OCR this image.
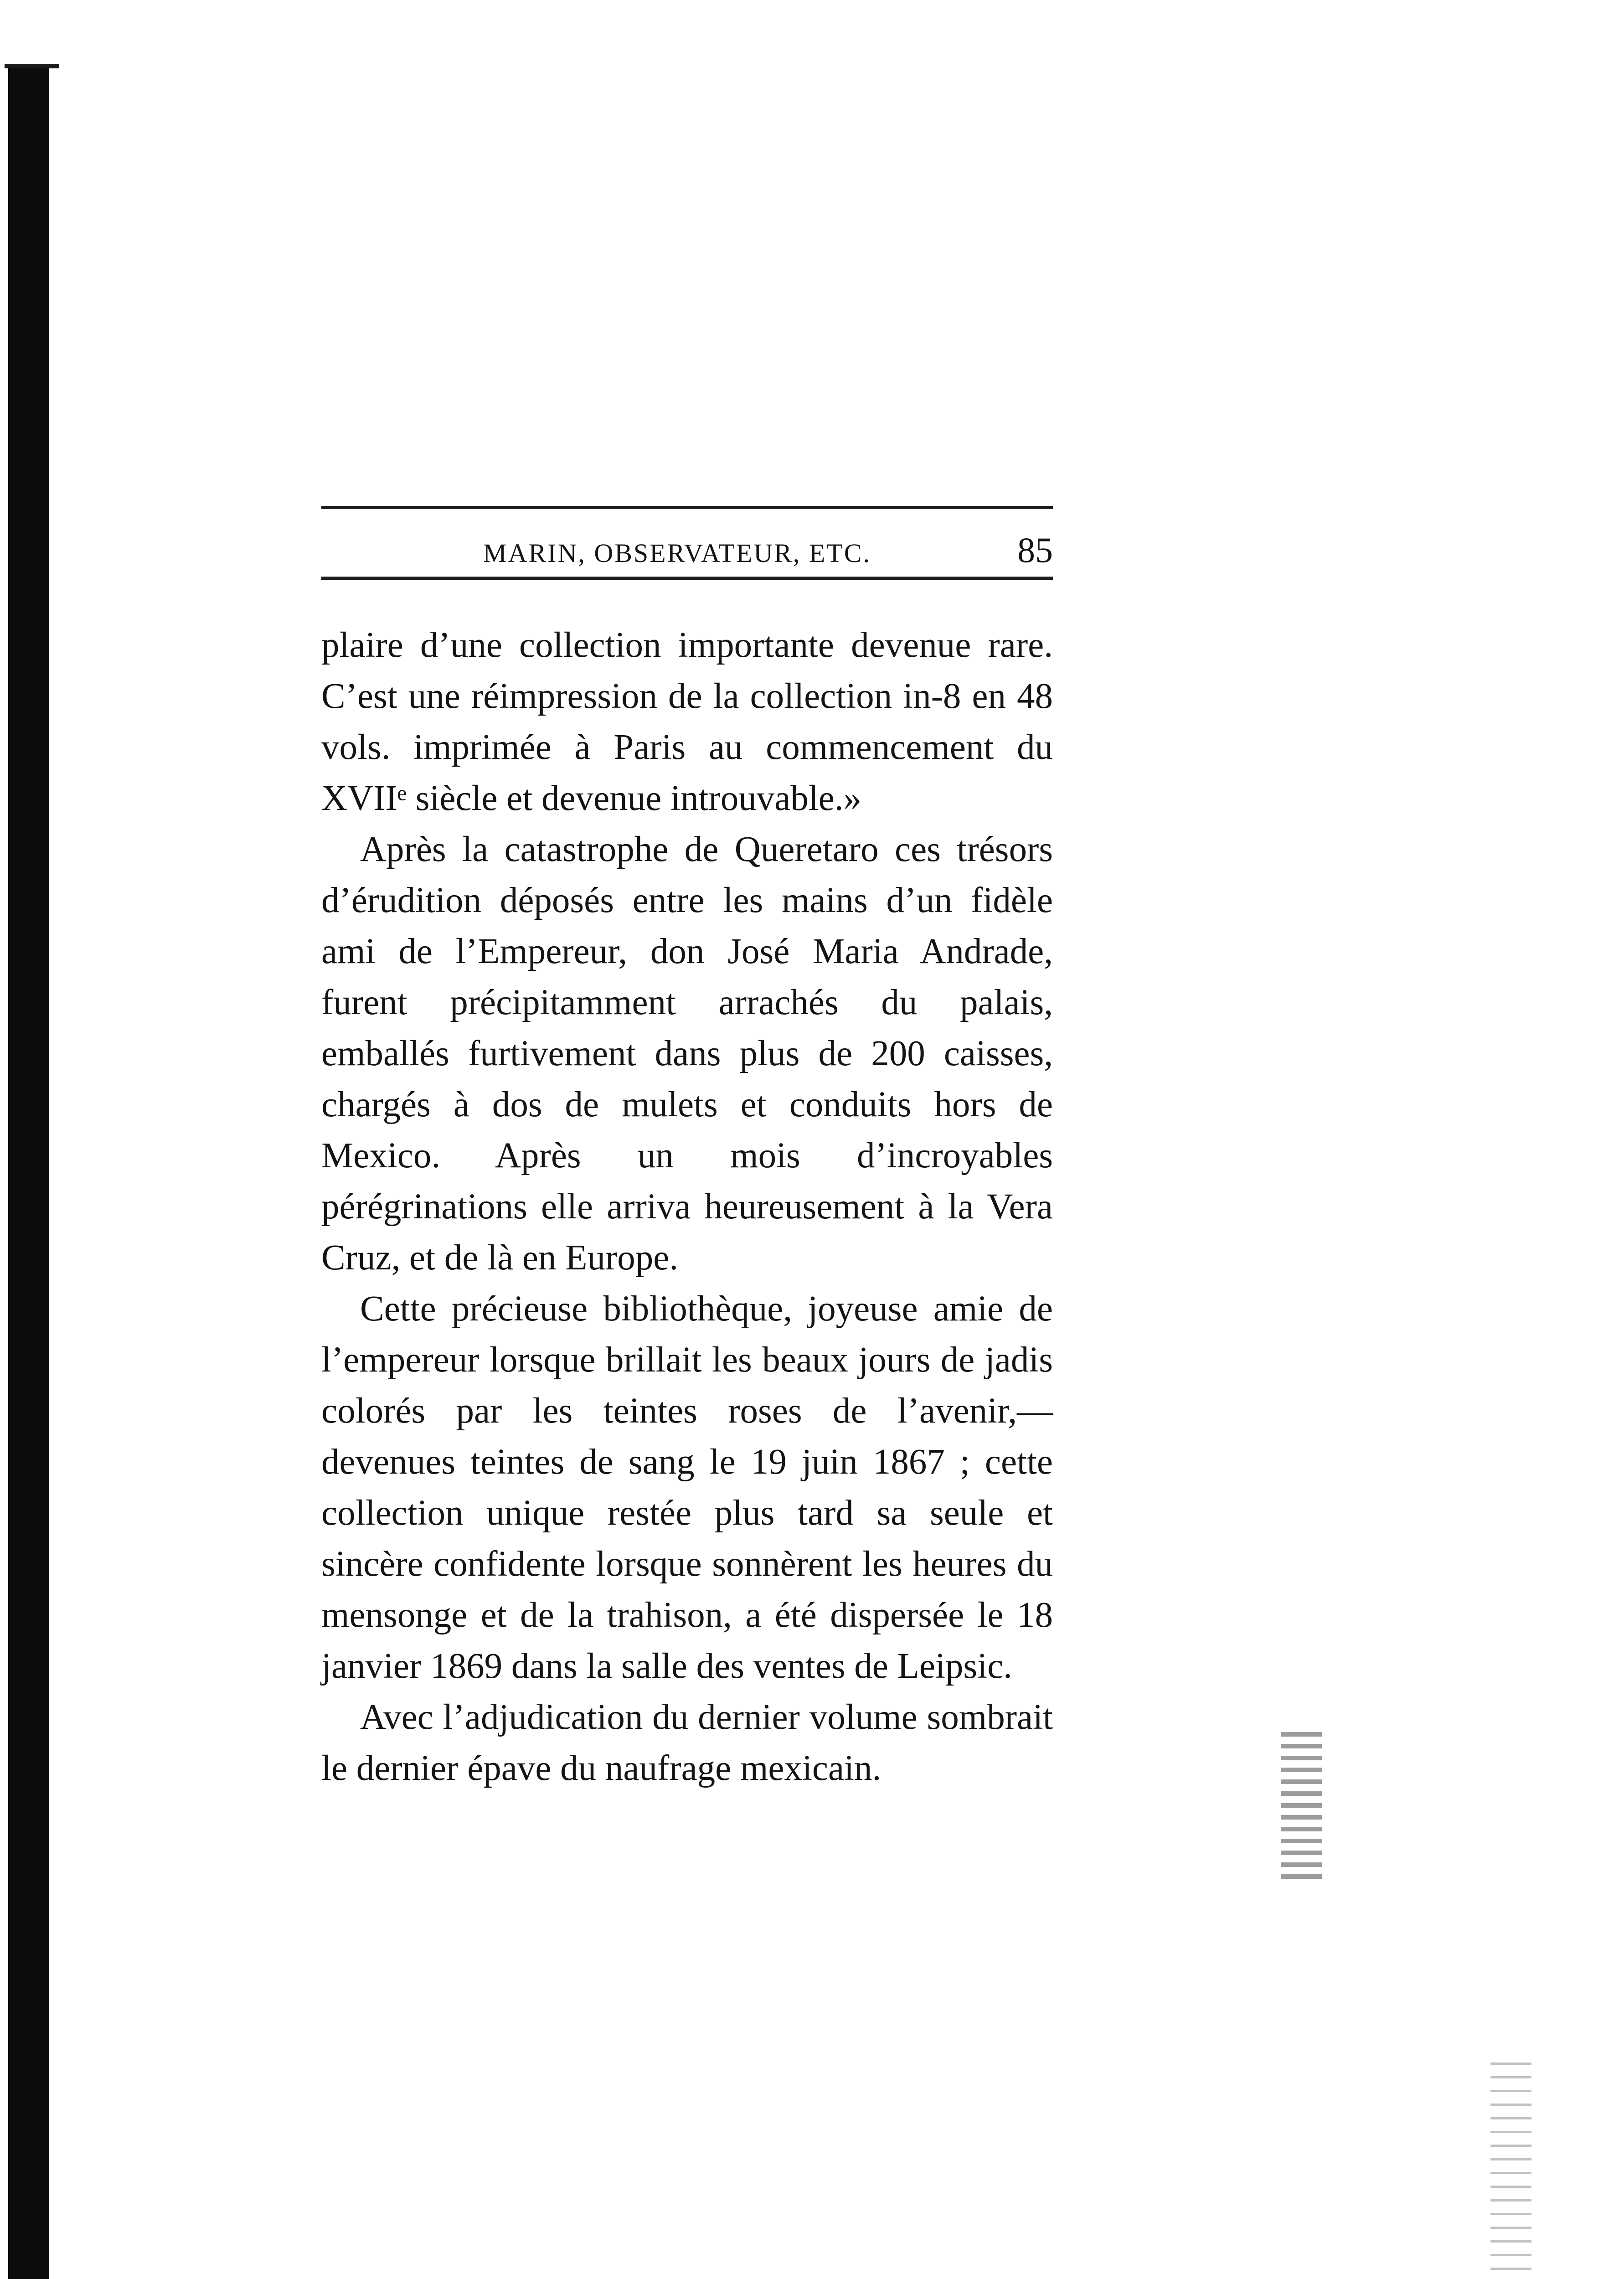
MARIN, OBSERVATEUR, ETC.	85

plaire d’une collection importante devenue rare. C’est une réimpression de la collection in-8 en 48 vols. imprimée à Paris au commencement du XVIIᵉ siècle et devenue introuvable.»

Après la catastrophe de Queretaro ces trésors d’érudition déposés entre les mains d’un fidèle ami de l’Empereur, don José Maria Andrade, furent précipitamment arrachés du palais, emballés furtivement dans plus de 200 caisses, chargés à dos de mulets et conduits hors de Mexico. Après un mois d’incroyables pérégrinations elle arriva heureusement à la Vera Cruz, et de là en Europe.

Cette précieuse bibliothèque, joyeuse amie de l’empereur lorsque brillait les beaux jours de jadis colorés par les teintes roses de l’avenir,— devenues teintes de sang le 19 juin 1867 ; cette collection unique restée plus tard sa seule et sincère confidente lorsque sonnèrent les heures du mensonge et de la trahison, a été dispersée le 18 janvier 1869 dans la salle des ventes de Leipsic.

Avec l’adjudication du dernier volume sombrait le dernier épave du naufrage mexicain.
